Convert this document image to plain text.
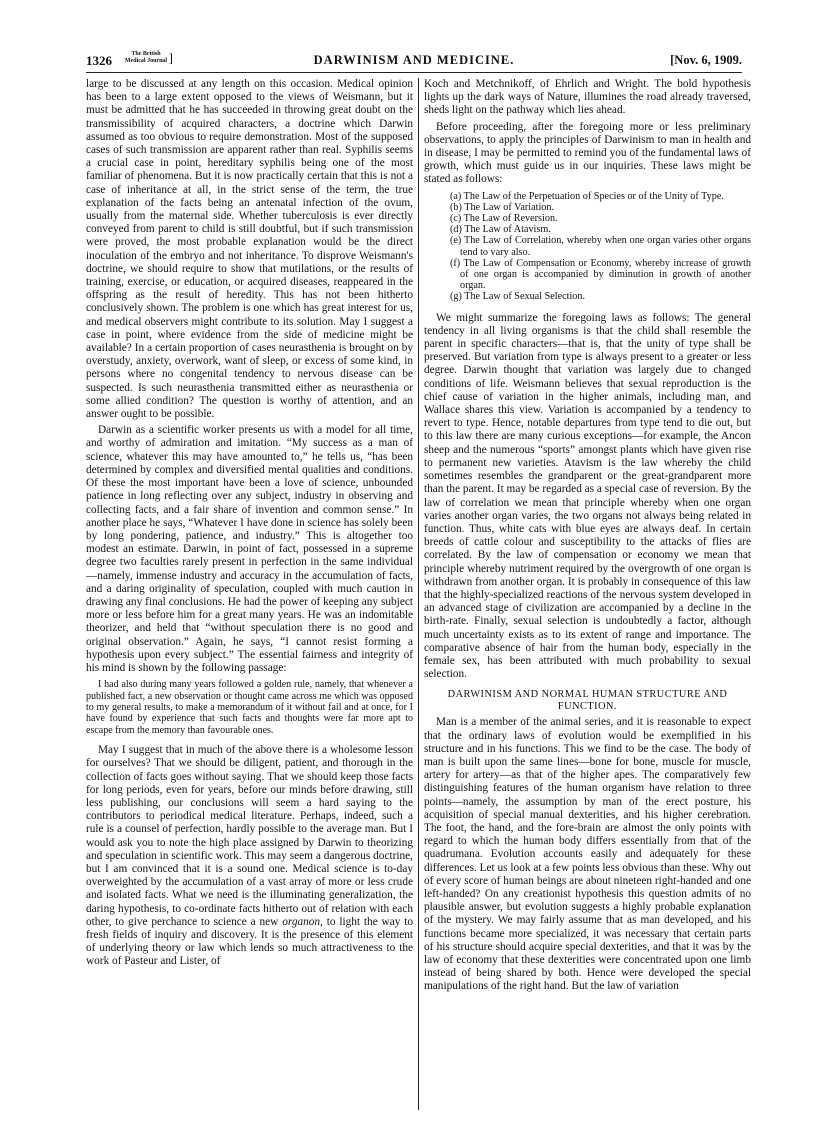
1326	The British
Medical Journal ]	DARWINISM AND MEDICINE.	[Nov. 6, 1909.

large to be discussed at any length on this occasion. Medical opinion has been to a large extent opposed to the views of Weismann, but it must be admitted that he has succeeded in throwing great doubt on the transmissibility of acquired characters, a doctrine which Darwin assumed as too obvious to require demonstration. Most of the supposed cases of such transmission are apparent rather than real. Syphilis seems a crucial case in point, hereditary syphilis being one of the most familiar of phenomena. But it is now practically certain that this is not a case of inheritance at all, in the strict sense of the term, the true explanation of the facts being an antenatal infection of the ovum, usually from the maternal side. Whether tuberculosis is ever directly conveyed from parent to child is still doubtful, but if such transmission were proved, the most probable explanation would be the direct inoculation of the embryo and not inheritance. To disprove Weismann's doctrine, we should require to show that mutilations, or the results of training, exercise, or education, or acquired diseases, reappeared in the offspring as the result of heredity. This has not been hitherto conclusively shown. The problem is one which has great interest for us, and medical observers might contribute to its solution. May I suggest a case in point, where evidence from the side of medicine might be available? In a certain proportion of cases neurasthenia is brought on by overstudy, anxiety, overwork, want of sleep, or excess of some kind, in persons where no congenital tendency to nervous disease can be suspected. Is such neurasthenia transmitted either as neurasthenia or some allied condition? The question is worthy of attention, and an answer ought to be possible.

Darwin as a scientific worker presents us with a model for all time, and worthy of admiration and imitation. “My success as a man of science, whatever this may have amounted to,” he tells us, “has been determined by complex and diversified mental qualities and conditions. Of these the most important have been a love of science, unbounded patience in long reflecting over any subject, industry in observing and collecting facts, and a fair share of invention and common sense.” In another place he says, “Whatever I have done in science has solely been by long pondering, patience, and industry.” This is altogether too modest an estimate. Darwin, in point of fact, possessed in a supreme degree two faculties rarely present in perfection in the same individual—namely, immense industry and accuracy in the accumulation of facts, and a daring originality of speculation, coupled with much caution in drawing any final conclusions. He had the power of keeping any subject more or less before him for a great many years. He was an indomitable theorizer, and held that “without speculation there is no good and original observation.” Again, he says, “I cannot resist forming a hypothesis upon every subject.” The essential fairness and integrity of his mind is shown by the following passage:

I had also during many years followed a golden rule, namely, that whenever a published fact, a new observation or thought came across me which was opposed to my general results, to make a memorandum of it without fail and at once, for I have found by experience that such facts and thoughts were far more apt to escape from the memory than favourable ones.

May I suggest that in much of the above there is a wholesome lesson for ourselves? That we should be diligent, patient, and thorough in the collection of facts goes without saying. That we should keep those facts for long periods, even for years, before our minds before drawing, still less publishing, our conclusions will seem a hard saying to the contributors to periodical medical literature. Perhaps, indeed, such a rule is a counsel of perfection, hardly possible to the average man. But I would ask you to note the high place assigned by Darwin to theorizing and speculation in scientific work. This may seem a dangerous doctrine, but I am convinced that it is a sound one. Medical science is to-day overweighted by the accumulation of a vast array of more or less crude and isolated facts. What we need is the illuminating generalization, the daring hypothesis, to co-ordinate facts hitherto out of relation with each other, to give perchance to science a new organon, to light the way to fresh fields of inquiry and discovery. It is the presence of this element of underlying theory or law which lends so much attractiveness to the work of Pasteur and Lister, of

Koch and Metchnikoff, of Ehrlich and Wright. The bold hypothesis lights up the dark ways of Nature, illumines the road already traversed, sheds light on the pathway which lies ahead.

Before proceeding, after the foregoing more or less preliminary observations, to apply the principles of Darwinism to man in health and in disease, I may be permitted to remind you of the fundamental laws of growth, which must guide us in our inquiries. These laws might be stated as follows:

(a) The Law of the Perpetuation of Species or of the Unity of Type.
(b) The Law of Variation.
(c) The Law of Reversion.
(d) The Law of Atavism.
(e) The Law of Correlation, whereby when one organ varies other organs tend to vary also.
(f) The Law of Compensation or Economy, whereby increase of growth of one organ is accompanied by diminution in growth of another organ.
(g) The Law of Sexual Selection.

We might summarize the foregoing laws as follows: The general tendency in all living organisms is that the child shall resemble the parent in specific characters—that is, that the unity of type shall be preserved. But variation from type is always present to a greater or less degree. Darwin thought that variation was largely due to changed conditions of life. Weismann believes that sexual reproduction is the chief cause of variation in the higher animals, including man, and Wallace shares this view. Variation is accompanied by a tendency to revert to type. Hence, notable departures from type tend to die out, but to this law there are many curious exceptions—for example, the Ancon sheep and the numerous “sports” amongst plants which have given rise to permanent new varieties. Atavism is the law whereby the child sometimes resembles the grandparent or the great-grandparent more than the parent. It may be regarded as a special case of reversion. By the law of correlation we mean that principle whereby when one organ varies another organ varies, the two organs not always being related in function. Thus, white cats with blue eyes are always deaf. In certain breeds of cattle colour and susceptibility to the attacks of flies are correlated. By the law of compensation or economy we mean that principle whereby nutriment required by the overgrowth of one organ is withdrawn from another organ. It is probably in consequence of this law that the highly-specialized reactions of the nervous system developed in an advanced stage of civilization are accompanied by a decline in the birth-rate. Finally, sexual selection is undoubtedly a factor, although much uncertainty exists as to its extent of range and importance. The comparative absence of hair from the human body, especially in the female sex, has been attributed with much probability to sexual selection.

DARWINISM AND NORMAL HUMAN STRUCTURE AND FUNCTION.

Man is a member of the animal series, and it is reasonable to expect that the ordinary laws of evolution would be exemplified in his structure and in his functions. This we find to be the case. The body of man is built upon the same lines—bone for bone, muscle for muscle, artery for artery—as that of the higher apes. The comparatively few distinguishing features of the human organism have relation to three points—namely, the assumption by man of the erect posture, his acquisition of special manual dexterities, and his higher cerebration. The foot, the hand, and the fore-brain are almost the only points with regard to which the human body differs essentially from that of the quadrumana. Evolution accounts easily and adequately for these differences. Let us look at a few points less obvious than these. Why out of every score of human beings are about nineteen right-handed and one left-handed? On any creationist hypothesis this question admits of no plausible answer, but evolution suggests a highly probable explanation of the mystery. We may fairly assume that as man developed, and his functions became more specialized, it was necessary that certain parts of his structure should acquire special dexterities, and that it was by the law of economy that these dexterities were concentrated upon one limb instead of being shared by both. Hence were developed the special manipulations of the right hand. But the law of variation
